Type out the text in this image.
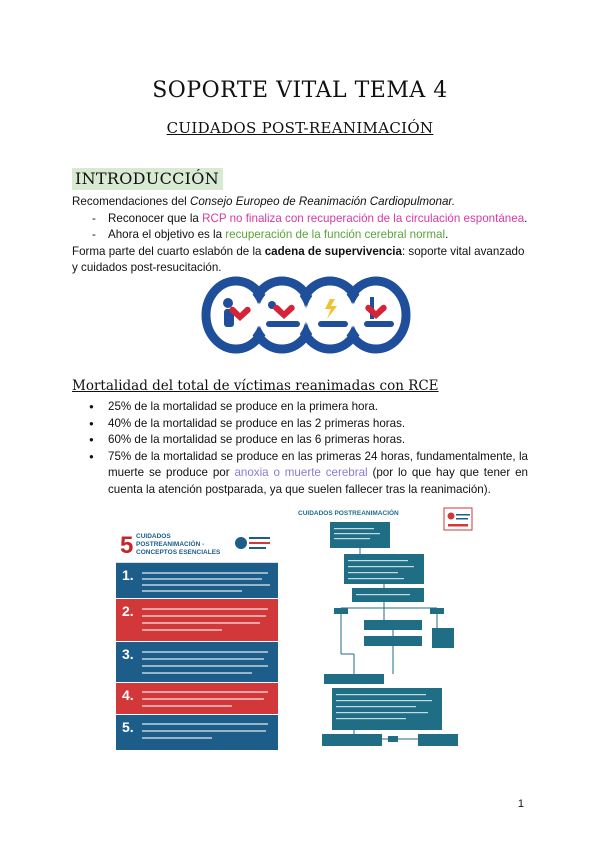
SOPORTE VITAL TEMA 4
CUIDADOS POST-REANIMACIÓN
INTRODUCCIÓN

Recomendaciones del Consejo Europeo de Reanimación Cardiopulmonar.

- Reconocer que la RCP no finaliza con recuperación de la circulación espontánea.
- Ahora el objetivo es la recuperación de la función cerebral normal.

Forma parte del cuarto eslabón de la cadena de supervivencia: soporte vital avanzado y cuidados post-resucitación.

Mortalidad del total de víctimas reanimadas con RCE
● 25% de la mortalidad se produce en la primera hora.
● 40% de la mortalidad se produce en las 2 primeras horas.
● 60% de la mortalidad se produce en las 6 primeras horas.
● 75% de la mortalidad se produce en las primeras 24 horas, fundamentalmente, la muerte se produce por anoxia o muerte cerebral (por lo que hay que tener en cuenta la atención postparada, ya que suelen fallecer tras la reanimación).
5 CUIDADOS POSTREANIMACIÓN - CONCEPTOS ESENCIALES
1.
2.
3.
4.
5.
CUIDADOS POSTREANIMACIÓN
1
